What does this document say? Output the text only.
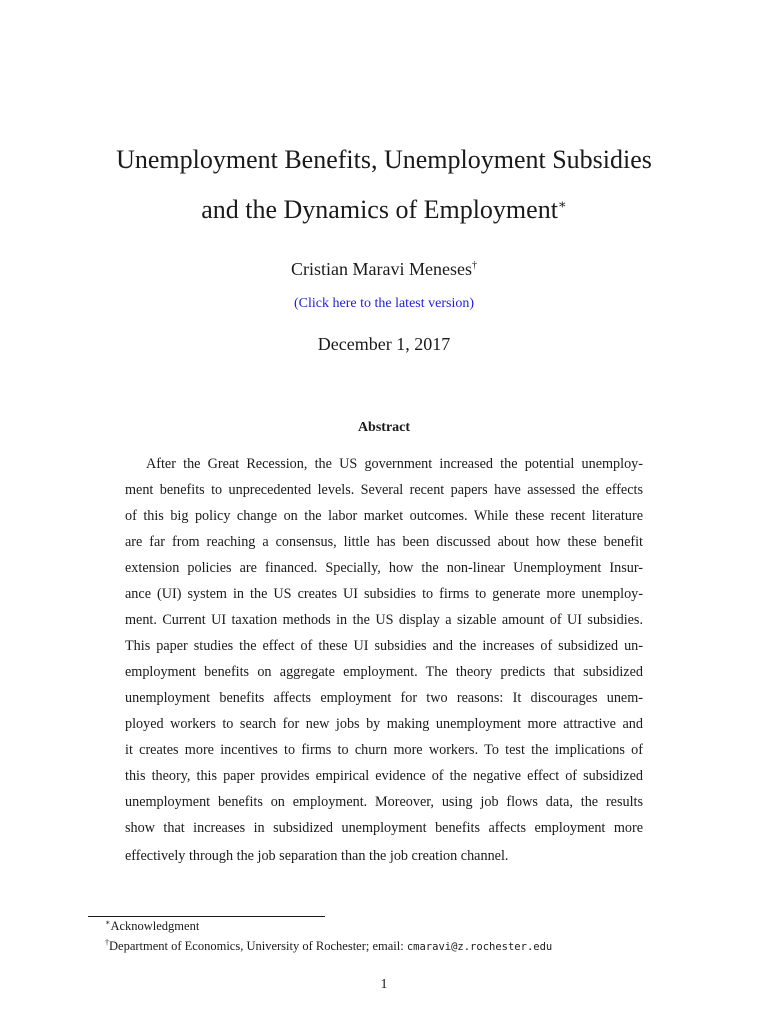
Unemployment Benefits, Unemployment Subsidies
and the Dynamics of Employment∗
Cristian Maravi Meneses†
(Click here to the latest version)
December 1, 2017
Abstract
After the Great Recession, the US government increased the potential unemploy-
ment benefits to unprecedented levels. Several recent papers have assessed the effects
of this big policy change on the labor market outcomes. While these recent literature
are far from reaching a consensus, little has been discussed about how these benefit
extension policies are financed. Specially, how the non-linear Unemployment Insur-
ance (UI) system in the US creates UI subsidies to firms to generate more unemploy-
ment. Current UI taxation methods in the US display a sizable amount of UI subsidies.
This paper studies the effect of these UI subsidies and the increases of subsidized un-
employment benefits on aggregate employment. The theory predicts that subsidized
unemployment benefits affects employment for two reasons: It discourages unem-
ployed workers to search for new jobs by making unemployment more attractive and
it creates more incentives to firms to churn more workers. To test the implications of
this theory, this paper provides empirical evidence of the negative effect of subsidized
unemployment benefits on employment. Moreover, using job flows data, the results
show that increases in subsidized unemployment benefits affects employment more
effectively through the job separation than the job creation channel.
∗Acknowledgment
†Department of Economics, University of Rochester; email: cmaravi@z.rochester.edu
1
